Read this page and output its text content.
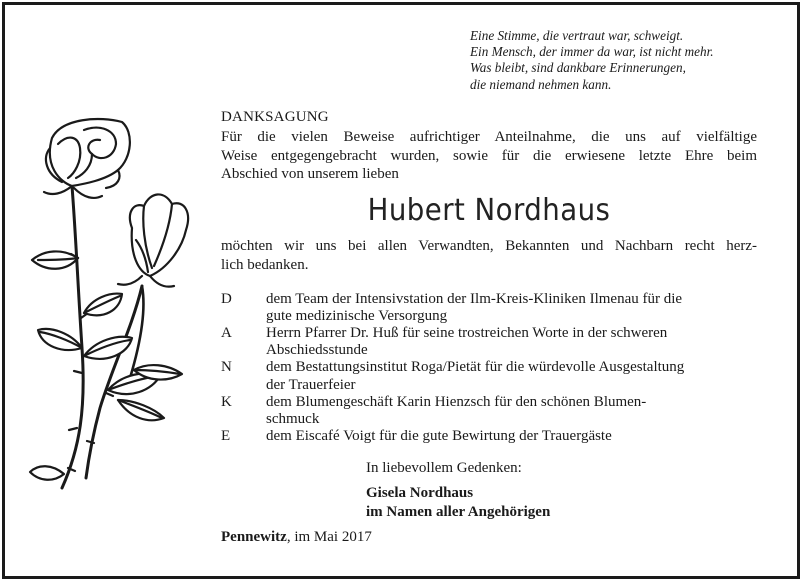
Eine Stimme, die vertraut war, schweigt.
Ein Mensch, der immer da war, ist nicht mehr.
Was bleibt, sind dankbare Erinnerungen,
die niemand nehmen kann.
DANKSAGUNG
Für die vielen Beweise aufrichtiger Anteilnahme, die uns auf vielfältige
Weise entgegengebracht wurden, sowie für die erwiesene letzte Ehre beim
Abschied von unserem lieben
Hubert Nordhaus
möchten wir uns bei allen Verwandten, Bekannten und Nachbarn recht herz-
lich bedanken.
D dem Team der Intensivstation der Ilm-Kreis-Kliniken Ilmenau für die
gute medizinische Versorgung
A Herrn Pfarrer Dr. Huß für seine trostreichen Worte in der schweren
Abschiedsstunde
N dem Bestattungsinstitut Roga/Pietät für die würdevolle Ausgestaltung
der Trauerfeier
K dem Blumengeschäft Karin Hienzsch für den schönen Blumen-
schmuck
E dem Eiscafé Voigt für die gute Bewirtung der Trauergäste
In liebevollem Gedenken:
Gisela Nordhaus
im Namen aller Angehörigen
Pennewitz, im Mai 2017
